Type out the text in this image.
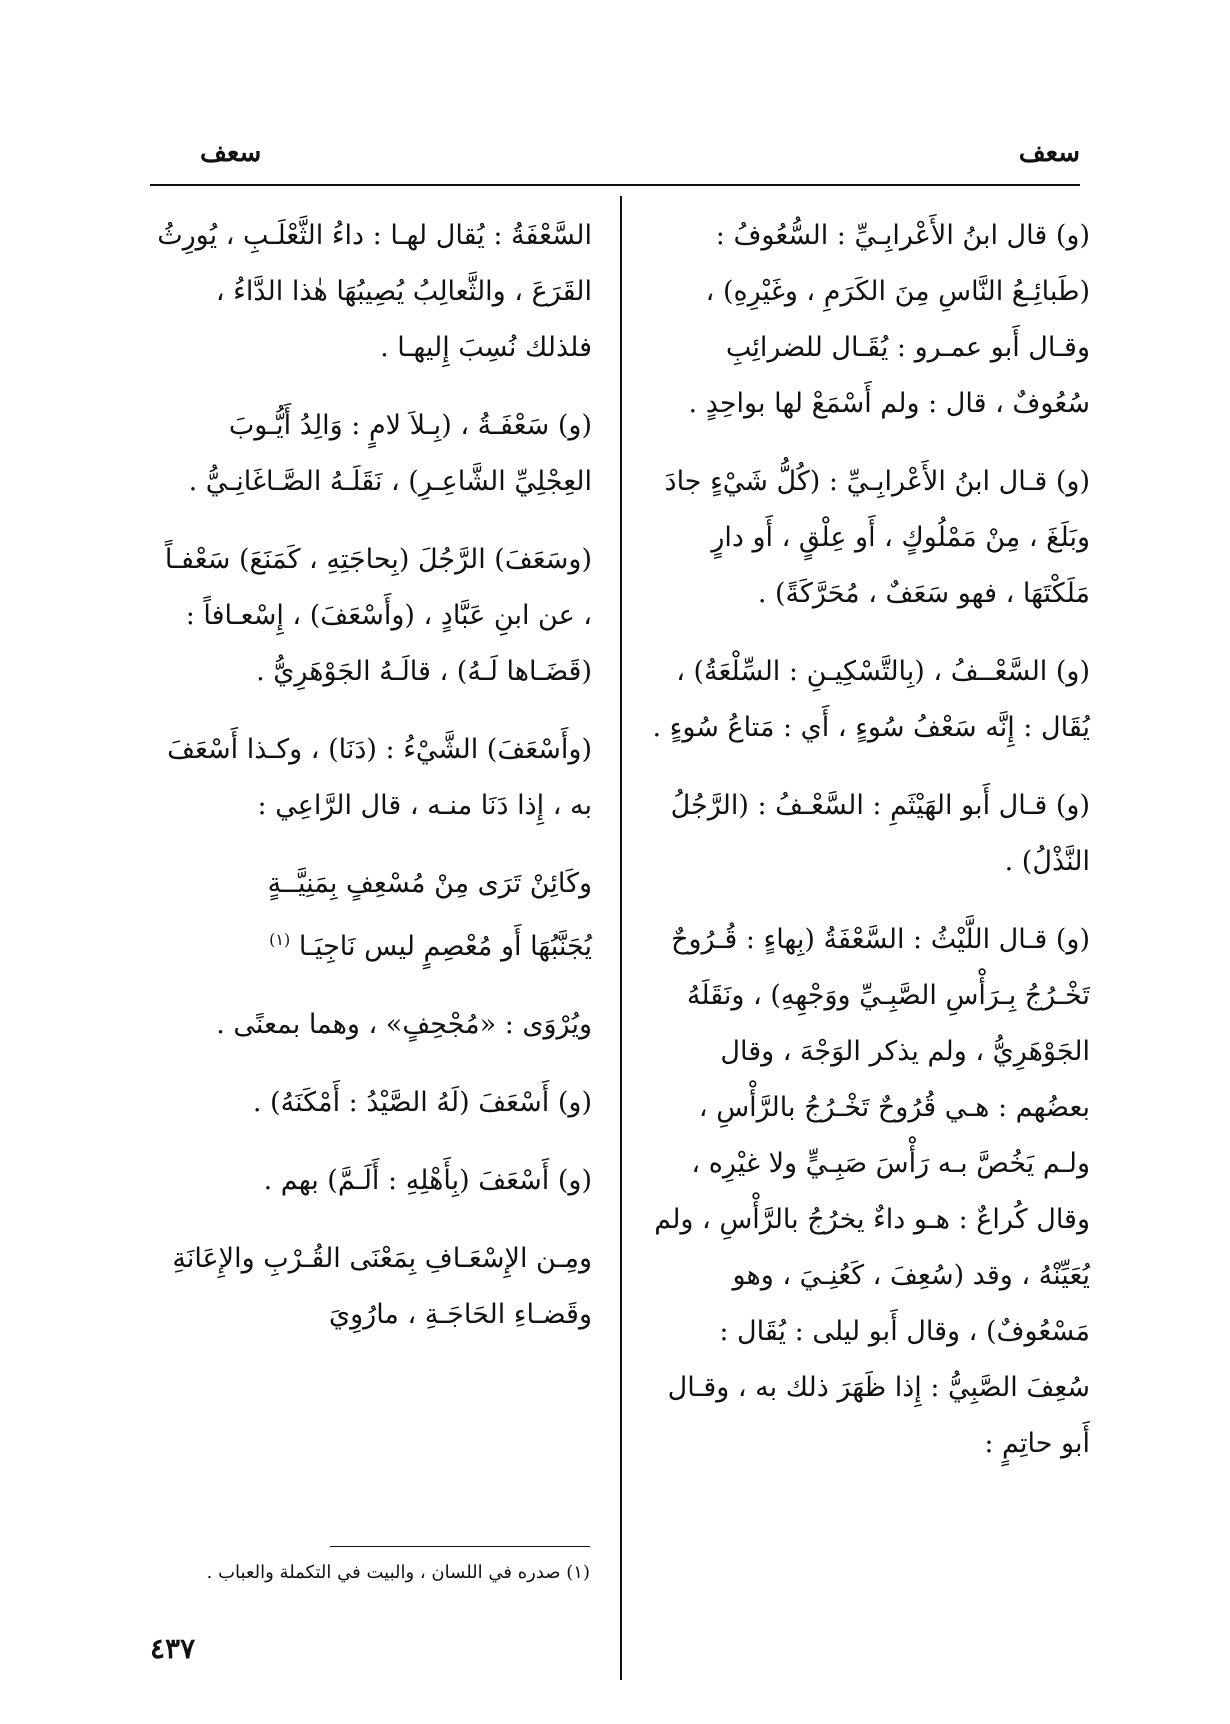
سعف
سعف

(و) قال ابنُ الأَعْرابِـيِّ : السُّعُوفُ : (طَبائِـعُ النَّاسِ مِنَ الكَرَمِ ، وغَيْرِهِ) ، وقـال أَبو عمـرو : يُقَـال للضرائِبِ سُعُوفٌ ، قال : ولم أَسْمَعْ لها بواحِدٍ .

(و) قـال ابنُ الأَعْرابِـيِّ : (كُلُّ شَيْءٍ جادَ وبَلَغَ ، مِنْ مَمْلُوكٍ ، أَو عِلْقٍ ، أَو دارٍ مَلَكْتَهَا ، فهو سَعَفٌ ، مُحَرَّكَةً) .

(و) السَّعْــفُ ، (بِالتَّسْكِيـنِ : السِّلْعَةُ) ، يُقَال : إِنَّه سَعْفُ سُوءٍ ، أَي : مَتاعُ سُوءٍ .

(و) قـال أَبو الهَيْثَمِ : السَّعْـفُ : (الرَّجُلُ النَّذْلُ) .

(و) قـال اللَّيْثُ : السَّعْفَةُ (بِهاءٍ : قُـرُوحٌ تَخْـرُجُ بِـرَأْسِ الصَّبِـيِّ ووَجْهِهِ) ، ونَقَلَهُ الجَوْهَرِيُّ ، ولم يذكر الوَجْهَ ، وقال بعضُهم : هـي قُرُوحٌ تَخْـرُجُ بالرَّأْسِ ، ولـم يَخُصَّ بـه رَأْسَ صَبِـيٍّ ولا غيْرِه ، وقال كُراعٌ : هـو داءٌ يخرُجُ بالرَّأْسِ ، ولم يُعَيِّنْهُ ، وقد (سُعِفَ ، كَعُنِـيَ ، وهو مَسْعُوفٌ) ، وقال أَبو ليلى : يُقَال : سُعِفَ الصَّبِيُّ : إِذا ظَهَرَ ذلك به ، وقـال أَبو حاتِمٍ :

السَّعْفَةُ : يُقال لهـا : داءُ الثَّعْلَـبِ ، يُورِثُ القَرَعَ ، والثَّعالِبُ يُصِيبُهَا هٰذا الدَّاءُ ، فلذلك نُسِبَ إِليهـا .

(و) سَعْفَـةُ ، (بِـلاَ لامٍ : وَالِدُ أَيُّـوبَ العِجْلِيِّ الشَّاعِـرِ) ، نَقَلَـهُ الصَّـاغَانِـيُّ .

(وسَعَفَ) الرَّجُلَ (بِحاجَتِهِ ، كَمَنَعَ) سَعْفـاً ، عن ابنِ عَبَّادٍ ، (وأَسْعَفَ) ، إِسْعـافاً : (قَضَـاها لَـهُ) ، قالَـهُ الجَوْهَرِيُّ .

(وأَسْعَفَ) الشَّيْءُ : (دَنَا) ، وكـذا أَسْعَفَ به ، إِذا دَنَا منـه ، قال الرَّاعِي :

وكَائِنْ تَرَى مِنْ مُسْعِفٍ بِمَنِيَّــةٍ

يُجَنَّبُهَا أَو مُعْصِمٍ ليس نَاجِيَـا $^{(١)}$

ويُرْوَى : «مُجْحِفٍ» ، وهما بمعنًى .

(و) أَسْعَفَ (لَهُ الصَّيْدُ : أَمْكَنَهُ) .

(و) أَسْعَفَ (بِأَهْلِهِ : أَلَـمَّ) بهم .

ومِـن الإِسْعَـافِ بِمَعْنَى القُـرْبِ والإِعَانَةِ وقَضـاءِ الحَاجَـةِ ، مارُوِيَ

(١) صدره في اللسان ، والبيت في التكملة والعباب .
٤٣٧
